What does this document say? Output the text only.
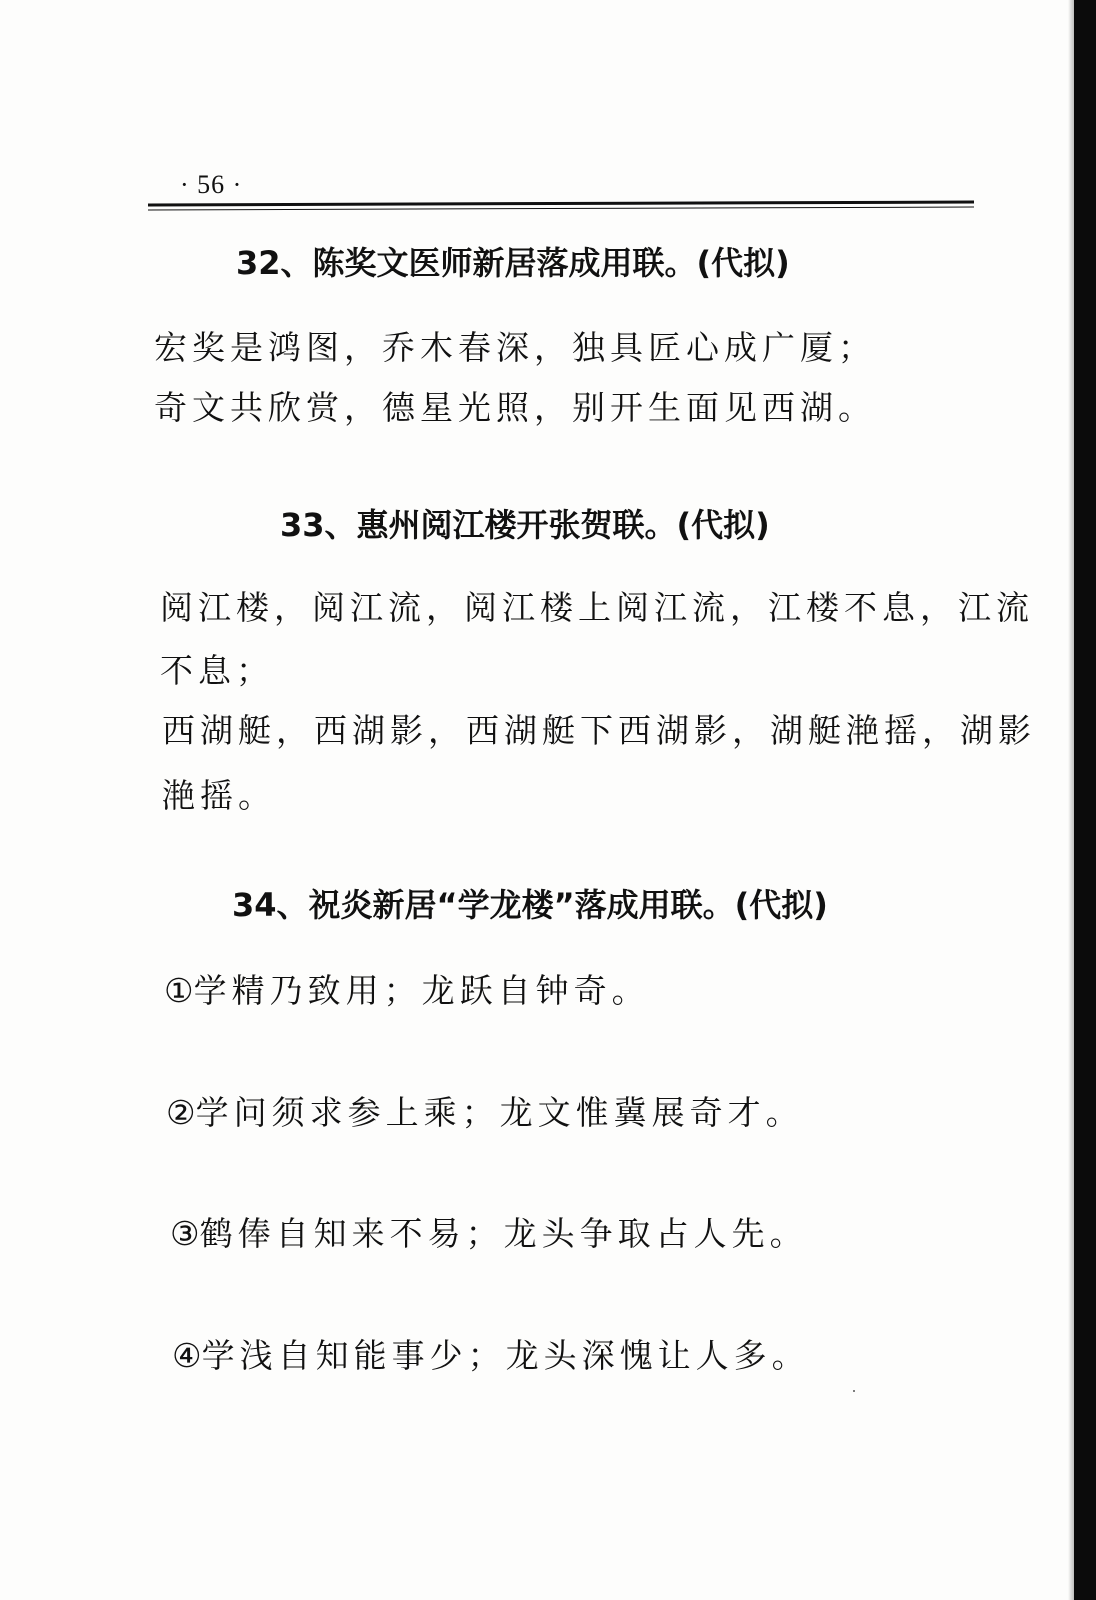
· 56 ·
32、陈奖文医师新居落成用联。(代拟)
宏奖是鸿图，乔木春深，独具匠心成广厦；
奇文共欣赏，德星光照，别开生面见西湖。
33、惠州阅江楼开张贺联。(代拟)
阅江楼，阅江流，阅江楼上阅江流，江楼不息，江流
不息；
西湖艇，西湖影，西湖艇下西湖影，湖艇滟摇，湖影
滟摇。
34、祝炎新居“学龙楼”落成用联。(代拟)
①学精乃致用；龙跃自钟奇。
②学问须求参上乘；龙文惟冀展奇才。
③鹤俸自知来不易；龙头争取占人先。
④学浅自知能事少；龙头深愧让人多。
